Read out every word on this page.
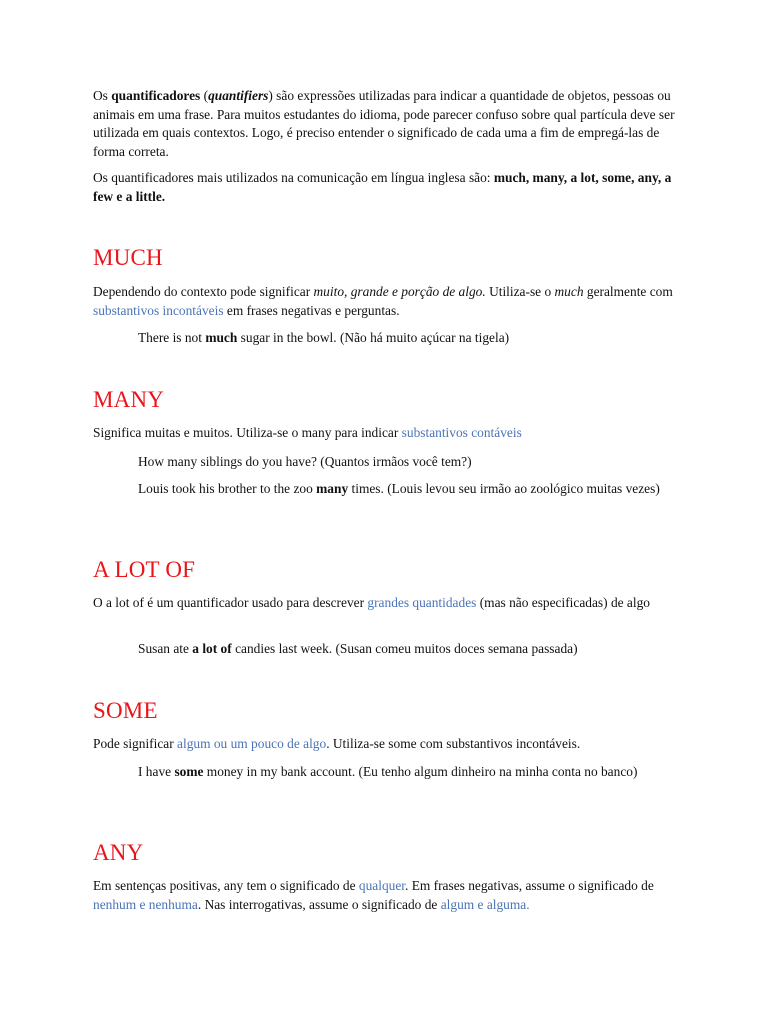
Os quantificadores (quantifiers) são expressões utilizadas para indicar a quantidade de objetos, pessoas ou animais em uma frase. Para muitos estudantes do idioma, pode parecer confuso sobre qual partícula deve ser utilizada em quais contextos. Logo, é preciso entender o significado de cada uma a fim de empregá-las de forma correta.

Os quantificadores mais utilizados na comunicação em língua inglesa são: much, many, a lot, some, any, a few e a little.

MUCH

Dependendo do contexto pode significar muito, grande e porção de algo. Utiliza-se o much geralmente com substantivos incontáveis em frases negativas e perguntas.

There is not much sugar in the bowl. (Não há muito açúcar na tigela)

MANY

Significa muitas e muitos. Utiliza-se o many para indicar substantivos contáveis

How many siblings do you have? (Quantos irmãos você tem?)

Louis took his brother to the zoo many times. (Louis levou seu irmão ao zoológico muitas vezes)

A LOT OF

O a lot of é um quantificador usado para descrever grandes quantidades (mas não especificadas) de algo

Susan ate a lot of candies last week. (Susan comeu muitos doces semana passada)

SOME

Pode significar algum ou um pouco de algo. Utiliza-se some com substantivos incontáveis.

I have some money in my bank account. (Eu tenho algum dinheiro na minha conta no banco)

ANY

Em sentenças positivas, any tem o significado de qualquer. Em frases negativas, assume o significado de nenhum e nenhuma. Nas interrogativas, assume o significado de algum e alguma.
